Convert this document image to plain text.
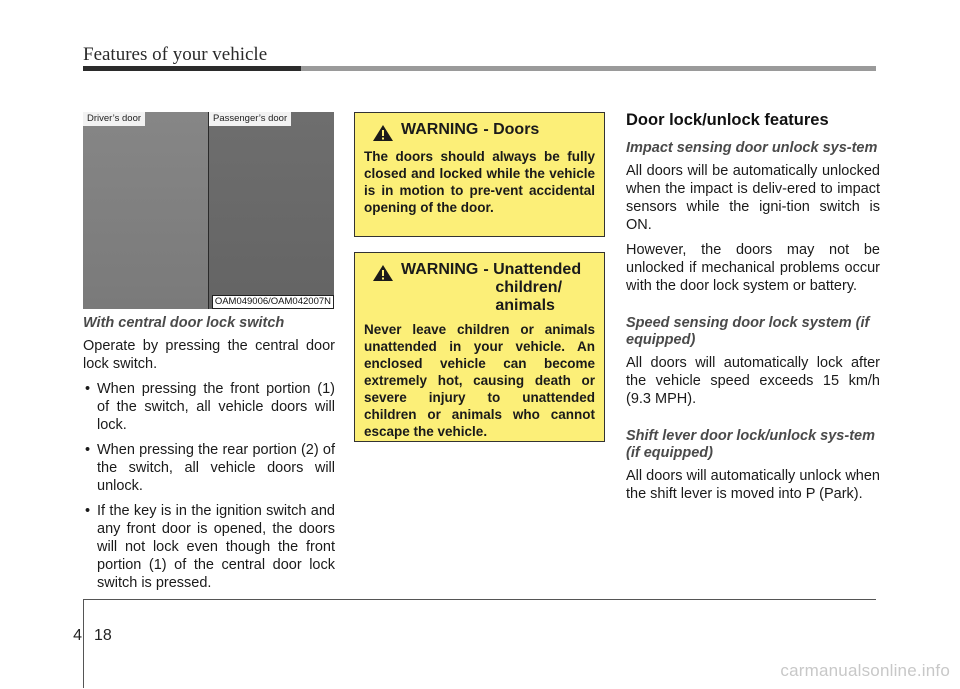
Features of your vehicle
Driver’s door	Passenger’s door
OAM049006/OAM042007N
With central door lock switch

Operate by pressing the central door lock switch.

• When pressing the front portion (1) of the switch, all vehicle doors will lock.
• When pressing the rear portion (2) of the switch, all vehicle doors will unlock.
• If the key is in the ignition switch and any front door is opened, the doors will not lock even though the front portion (1) of the central door lock switch is pressed.
WARNING - Doors

The doors should always be fully closed and locked while the vehicle is in motion to pre-vent accidental opening of the door.

WARNING - Unattended children/ animals

Never leave children or animals unattended in your vehicle. An enclosed vehicle can become extremely hot, causing death or severe injury to unattended children or animals who cannot escape the vehicle.

Door lock/unlock features
Impact sensing door unlock sys-tem

All doors will be automatically unlocked when the impact is deliv-ered to impact sensors while the igni-tion switch is ON.

However, the doors may not be unlocked if mechanical problems occur with the door lock system or battery.

Speed sensing door lock system (if equipped)

All doors will automatically lock after the vehicle speed exceeds 15 km/h (9.3 MPH).

Shift lever door lock/unlock sys-tem (if equipped)

All doors will automatically unlock when the shift lever is moved into P (Park).

4 18
carmanualsonline.info
